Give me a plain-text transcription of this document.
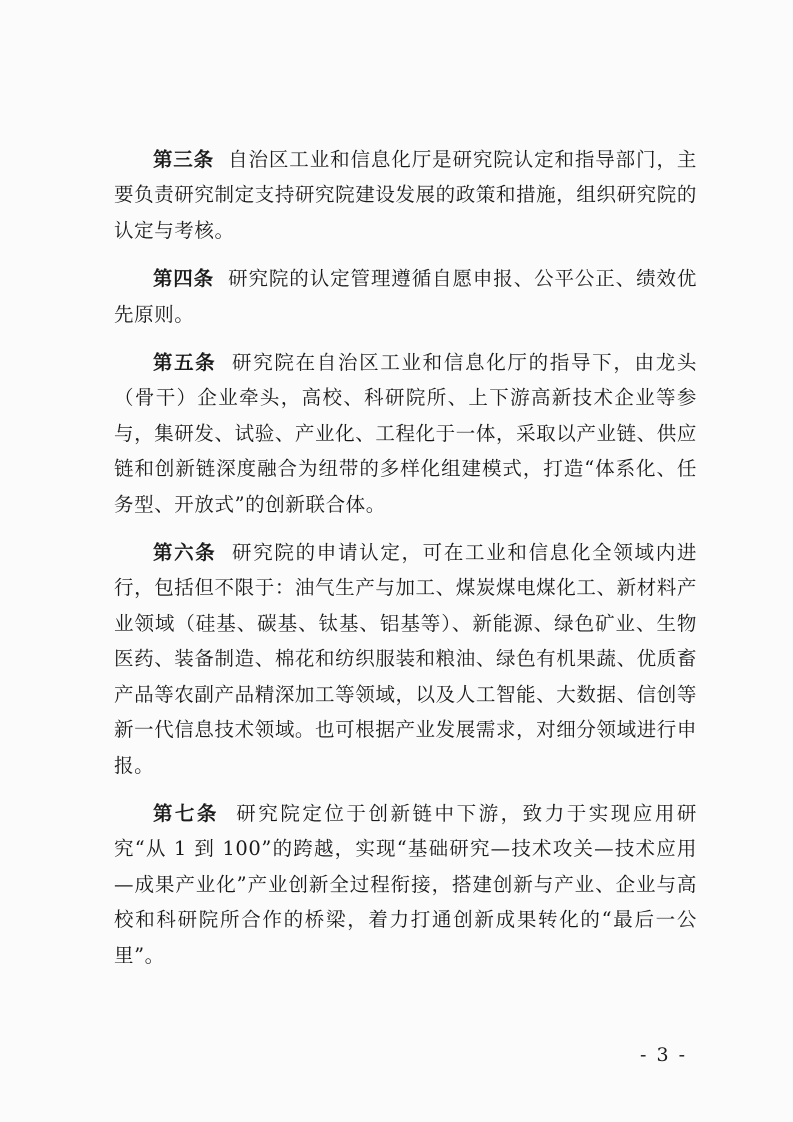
第三条 自治区工业和信息化厅是研究院认定和指导部门，主要负责研究制定支持研究院建设发展的政策和措施，组织研究院的认定与考核。

第四条 研究院的认定管理遵循自愿申报、公平公正、绩效优先原则。

第五条 研究院在自治区工业和信息化厅的指导下，由龙头（骨干）企业牵头，高校、科研院所、上下游高新技术企业等参与，集研发、试验、产业化、工程化于一体，采取以产业链、供应链和创新链深度融合为纽带的多样化组建模式，打造“体系化、任务型、开放式”的创新联合体。

第六条 研究院的申请认定，可在工业和信息化全领域内进行，包括但不限于：油气生产与加工、煤炭煤电煤化工、新材料产业领域（硅基、碳基、钛基、铝基等）、新能源、绿色矿业、生物医药、装备制造、棉花和纺织服装和粮油、绿色有机果蔬、优质畜产品等农副产品精深加工等领域，以及人工智能、大数据、信创等新一代信息技术领域。也可根据产业发展需求，对细分领域进行申报。

第七条 研究院定位于创新链中下游，致力于实现应用研究“从 1 到 100”的跨越，实现“基础研究—技术攻关—技术应用—成果产业化”产业创新全过程衔接，搭建创新与产业、企业与高校和科研院所合作的桥梁，着力打通创新成果转化的“最后一公里”。

- 3 -
